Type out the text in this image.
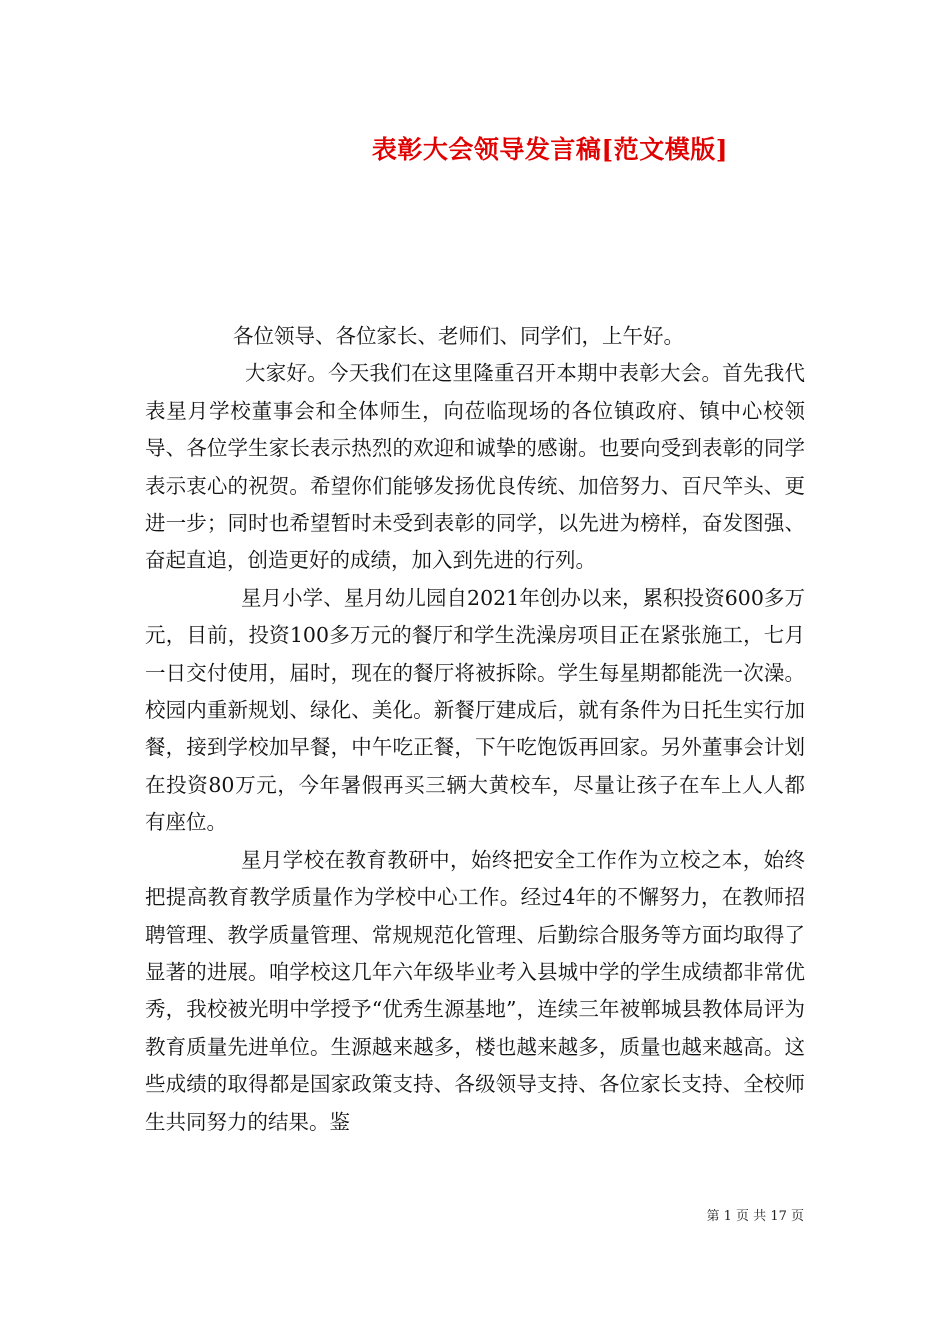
表彰大会领导发言稿[范文模版]

各位领导、各位家长、老师们、同学们，上午好。

大家好。今天我们在这里隆重召开本期中表彰大会。首先我代表星月学校董事会和全体师生，向莅临现场的各位镇政府、镇中心校领导、各位学生家长表示热烈的欢迎和诚挚的感谢。也要向受到表彰的同学表示衷心的祝贺。希望你们能够发扬优良传统、加倍努力、百尺竿头、更进一步；同时也希望暂时未受到表彰的同学，以先进为榜样，奋发图强、奋起直追，创造更好的成绩，加入到先进的行列。

星月小学、星月幼儿园自2021年创办以来，累积投资600多万元，目前，投资100多万元的餐厅和学生洗澡房项目正在紧张施工，七月一日交付使用，届时，现在的餐厅将被拆除。学生每星期都能洗一次澡。校园内重新规划、绿化、美化。新餐厅建成后，就有条件为日托生实行加餐，接到学校加早餐，中午吃正餐，下午吃饱饭再回家。另外董事会计划在投资80万元，今年暑假再买三辆大黄校车，尽量让孩子在车上人人都有座位。

星月学校在教育教研中，始终把安全工作作为立校之本，始终把提高教育教学质量作为学校中心工作。经过4年的不懈努力，在教师招聘管理、教学质量管理、常规规范化管理、后勤综合服务等方面均取得了显著的进展。咱学校这几年六年级毕业考入县城中学的学生成绩都非常优秀，我校被光明中学授予“优秀生源基地”，连续三年被郸城县教体局评为教育质量先进单位。生源越来越多，楼也越来越多，质量也越来越高。这些成绩的取得都是国家政策支持、各级领导支持、各位家长支持、全校师生共同努力的结果。鉴

第 1 页 共 17 页
